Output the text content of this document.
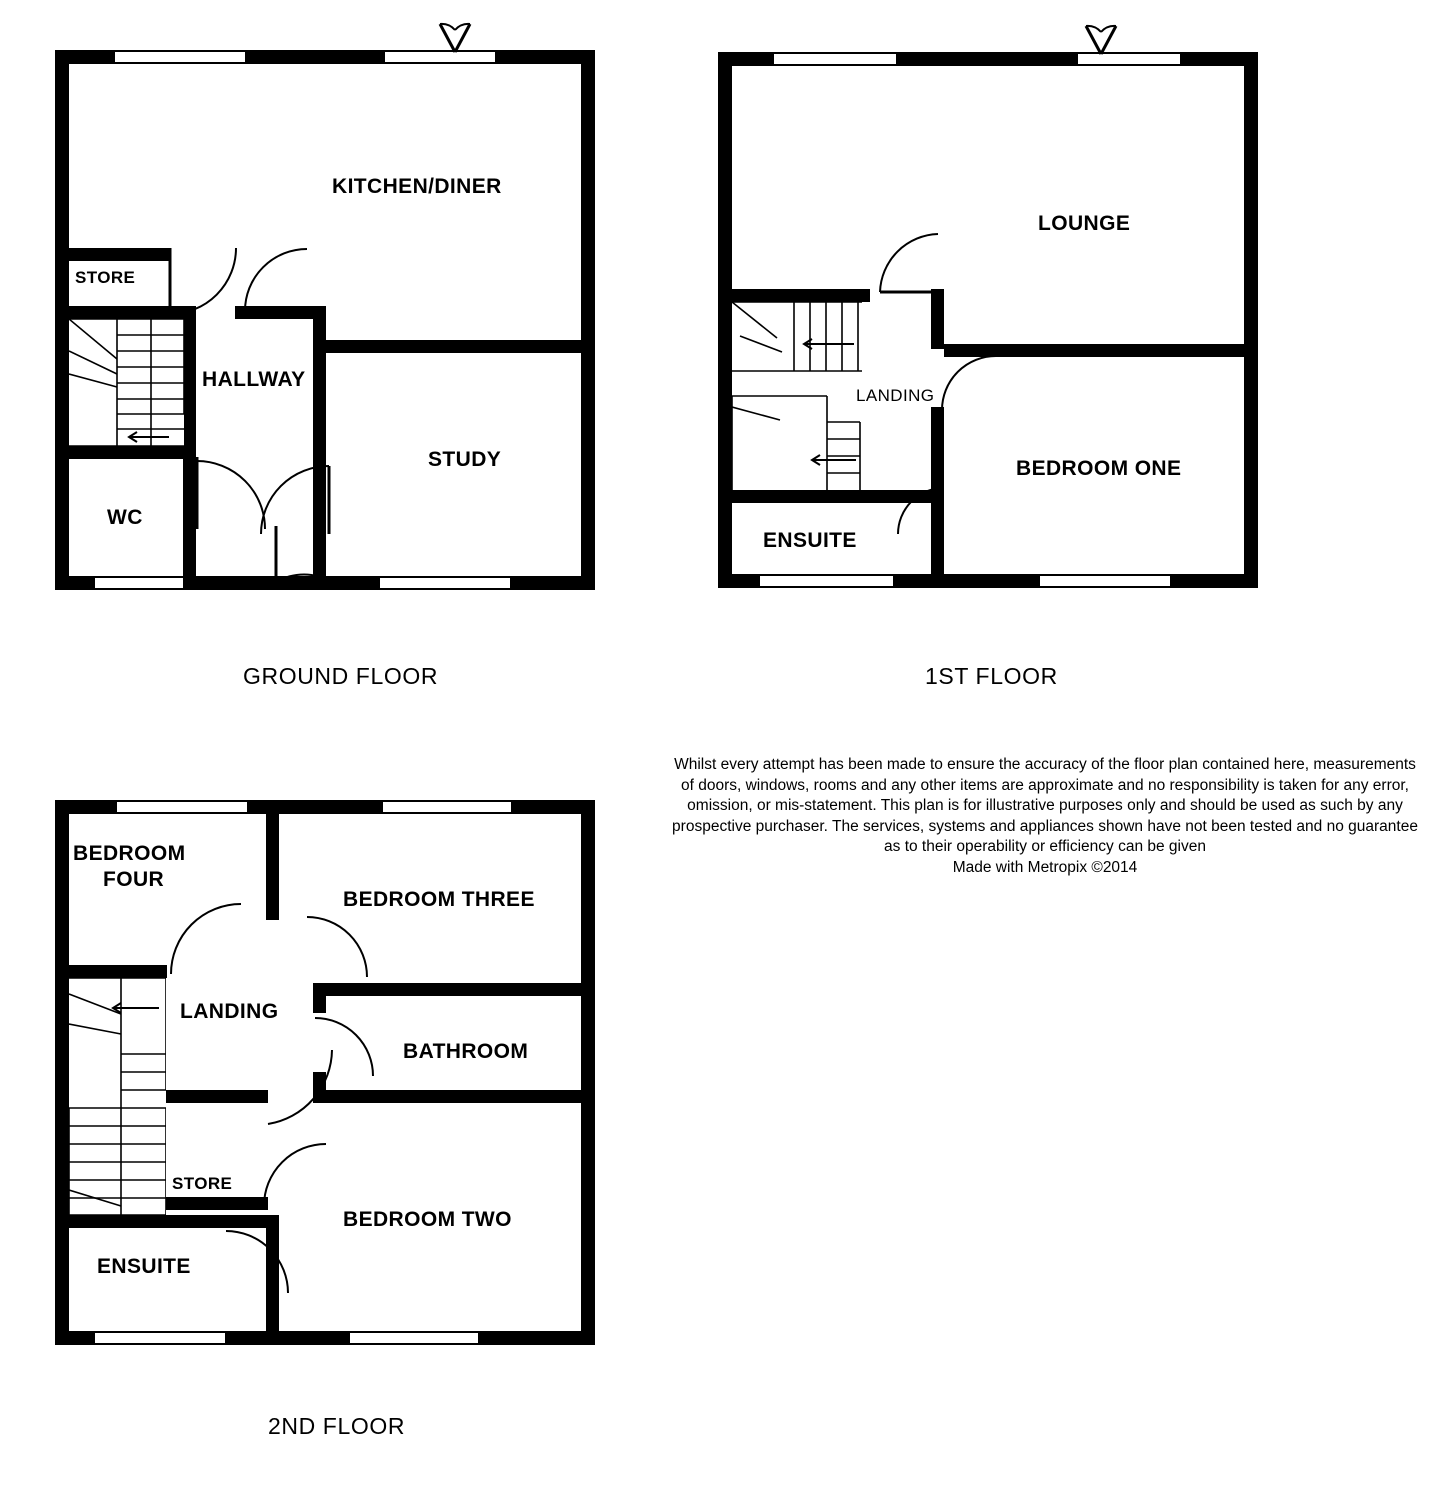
KITCHEN/DINER
STORE
HALLWAY
STUDY
WC
GROUND FLOOR
LOUNGE
LANDING
BEDROOM ONE
ENSUITE
1ST FLOOR
Whilst every attempt has been made to ensure the accuracy of the floor plan contained here, measurements
of doors, windows, rooms and any other items are approximate and no responsibility is taken for any error,
omission, or mis-statement. This plan is for illustrative purposes only and should be used as such by any
prospective purchaser. The services, systems and appliances shown have not been tested and no guarantee
as to their operability or efficiency can be given
Made with Metropix ©2014
BEDROOM
FOUR
BEDROOM THREE
LANDING
BATHROOM
STORE
BEDROOM TWO
ENSUITE
2ND FLOOR
